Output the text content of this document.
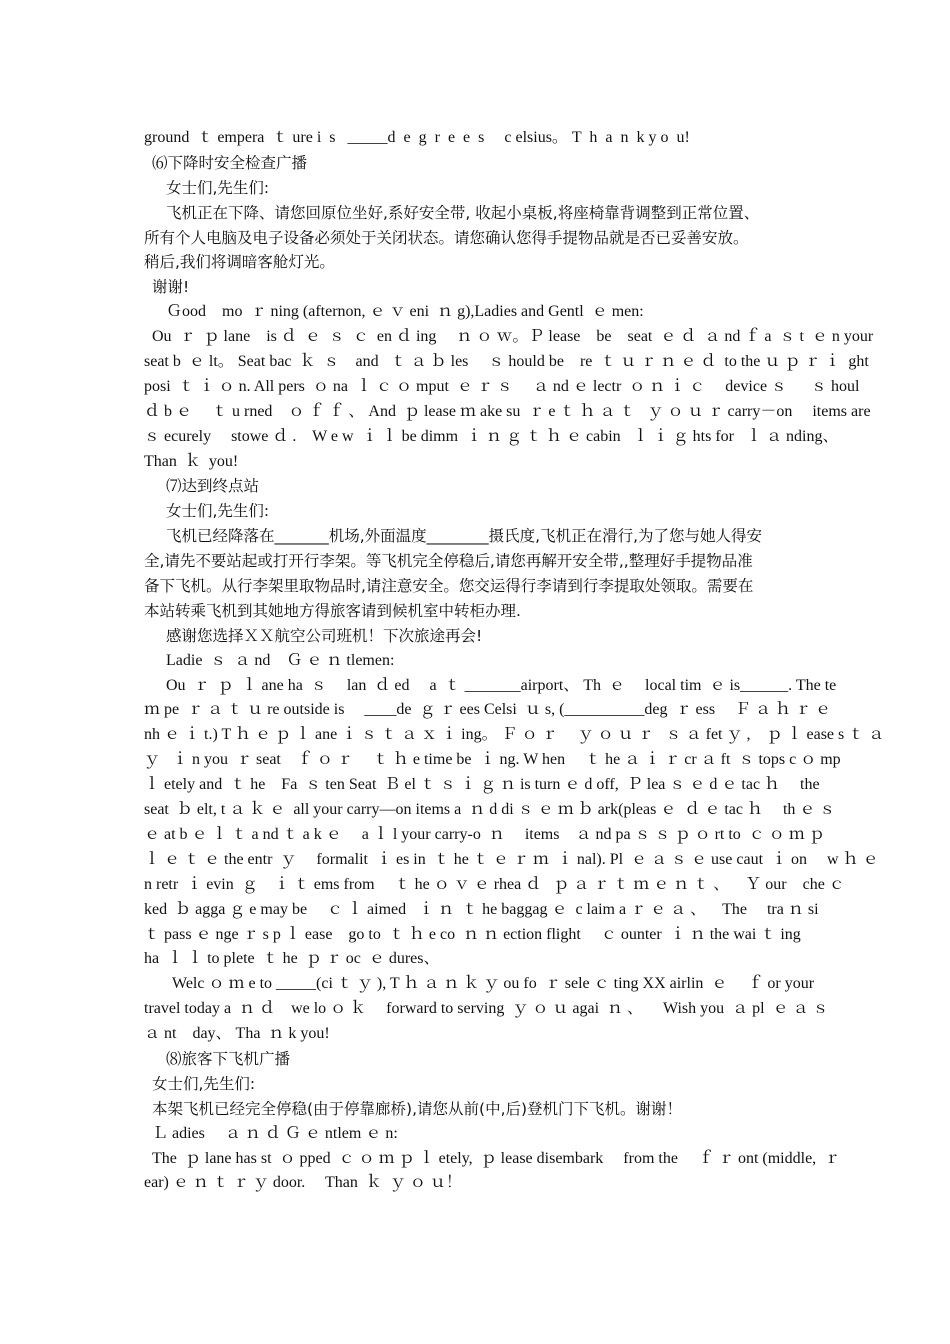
ground  ｔ empera  ｔ ure i  s   _____d  e  g  r  e  e  s     c elsius。 T  h  a  n  k y o  u!
⑹下降时安全检查广播
女士们,先生们:
飞机正在下降、请您回原位坐好,系好安全带, 收起小桌板,将座椅靠背调整到正常位置、
所有个人电脑及电子设备必须处于关闭状态。请您确认您得手提物品就是否已妥善安放。
稍后,我们将调暗客舱灯光。
谢谢!
Ｇood    mo  ｒ ning (afternon, ｅ ｖ eni  ｎ g),Ladies and Gentl  ｅ men:
Ou  ｒ  ｐ lane    is ｄ  ｅ  ｓ  ｃ  en ｄ ing     ｎ ｏ ｗ。Ｐ lease    be    seat  ｅ ｄ  ａ nd ｆ a  ｓ t  ｅ n your
seat b  ｅ lt。 Seat bac  ｋ  ｓ    and   ｔ ａ ｂ les     ｓ hould be    re  ｔ ｕ ｒ ｎ ｅ ｄ  to the ｕ ｐ ｒ ｉ  ght
posi  ｔ ｉ ｏ n. All pers  ｏ na  ｌ ｃ ｏ mput  ｅ ｒ ｓ     ａ nd ｅ lectr  ｏ ｎ ｉ ｃ     device ｓ      ｓ houl
ｄ b ｅ     ｔ u rned    ｏ ｆ ｆ 、 And  ｐ lease ｍ ake su  ｒ e ｔ ｈ ａ ｔ   ｙ ｏ ｕ ｒ carry－on     items are
ｓ ecurely     stowe ｄ .    W e w  ｉ ｌ be dimm  ｉ ｎ ｇ ｔ ｈ ｅ cabin   ｌ ｉ ｇ hts for   ｌ ａ nding、
Than  ｋ  you!
⑺达到终点站
女士们,先生们:
飞机已经降落在_______机场,外面温度________摄氏度,飞机正在滑行,为了您与她人得安
全,请先不要站起或打开行李架。等飞机完全停稳后,请您再解开安全带,,整理好手提物品准
备下飞机。从行李架里取物品时,请注意安全。您交运得行李请到行李提取处领取。需要在
本站转乘飞机到其她地方得旅客请到候机室中转柜办理.
感谢您选择ＸＸ航空公司班机！下次旅途再会!
Ladie  ｓ  ａ nd    Ｇ ｅ ｎ tlemen:
Ou  ｒ  ｐ  ｌ ane ha  ｓ     lan  ｄ ed     a  ｔ _______airport、 Th  ｅ     local tim  ｅ is______. The te
ｍ pe  ｒ ａ ｔ ｕ re outside is     ____de  ｇ ｒ ees Celsi  ｕ s, (__________deg  ｒ ess     Ｆ ａ ｈ ｒ ｅ
nh ｅ ｉ t.) T ｈ ｅ ｐ ｌ ane ｉ ｓ ｔ ａ ｘ ｉ ing。 Ｆ ｏ ｒ     ｙ ｏ ｕ ｒ   ｓ ａ fet ｙ ,    ｐ ｌ ease s ｔ ａ
ｙ   ｉ n you  ｒ seat    ｆ ｏ ｒ     ｔ ｈ e time be  ｉ ng. W hen     ｔ he ａ ｉ ｒ cr ａ ft  ｓ tops c ｏ mp
ｌ etely and  ｔ he    Fa  ｓ ten Seat  Ｂ el ｔ ｓ ｉ ｇ ｎ is turn ｅ d off,  Ｐ lea ｓ ｅ d ｅ tac ｈ     the
seat  ｂ elt, t ａ ｋ ｅ  all your carry—on items a  ｎ d di ｓ ｅ ｍ ｂ ark(pleas ｅ  ｄ ｅ tac ｈ     th ｅ ｓ
ｅ at b ｅ ｌ ｔ a nd ｔ a k ｅ     a ｌ l your carry-o  ｎ     items    ａ nd pa ｓ ｓ ｐ ｏ rt to  ｃ ｏ ｍ ｐ
ｌ ｅ ｔ ｅ the entr  ｙ     formalit  ｉ es in  ｔ he ｔ ｅ ｒ ｍ  ｉ nal). Pl  ｅ ａ ｓ ｅ use caut  ｉ on     w ｈ ｅ
n retr  ｉ evin  ｇ    ｉ ｔ ems from     ｔ he ｏ ｖ ｅ rhea ｄ   ｐ ａ ｒ ｔ ｍ ｅ ｎ ｔ 、    Ｙ our    che ｃ
ked  ｂ agga ｇ e may be     ｃ ｌ aimed   ｉ ｎ  ｔ he baggag ｅ  c laim a ｒ ｅ ａ 、    The     tra ｎ si
ｔ pass ｅ nge ｒ s p ｌ ease    go to  ｔ ｈ e co  ｎ ｎ ection flight     ｃ ounter  ｉ ｎ the wai ｔ ing
ha  ｌ ｌ to plete  ｔ he  ｐ ｒ oc  ｅ dures、
Welc ｏ ｍ e to _____(ci ｔ ｙ ), T ｈ ａ ｎ ｋ ｙ ou fo  ｒ sele ｃ ting XX airlin  ｅ     ｆ or your
travel today a  ｎ ｄ    we lo ｏ ｋ     forward to serving  ｙ ｏ ｕ agai  ｎ 、     Wish you  ａ pl  ｅ ａ ｓ
ａ nt    day、 Tha  ｎ k you!
⑻旅客下飞机广播
女士们,先生们:
本架飞机已经完全停稳(由于停靠廊桥),请您从前(中,后)登机门下飞机。谢谢！
Ｌ adies     ａ ｎ ｄ Ｇ ｅ ntlem ｅ n:
The  ｐ lane has st  ｏ pped  ｃ ｏ ｍ ｐ ｌ etely,  ｐ lease disembark     from the     ｆ ｒ ont (middle,  ｒ
ear) ｅ ｎ ｔ ｒ ｙ door.     Than  ｋ  ｙ ｏ ｕ！
